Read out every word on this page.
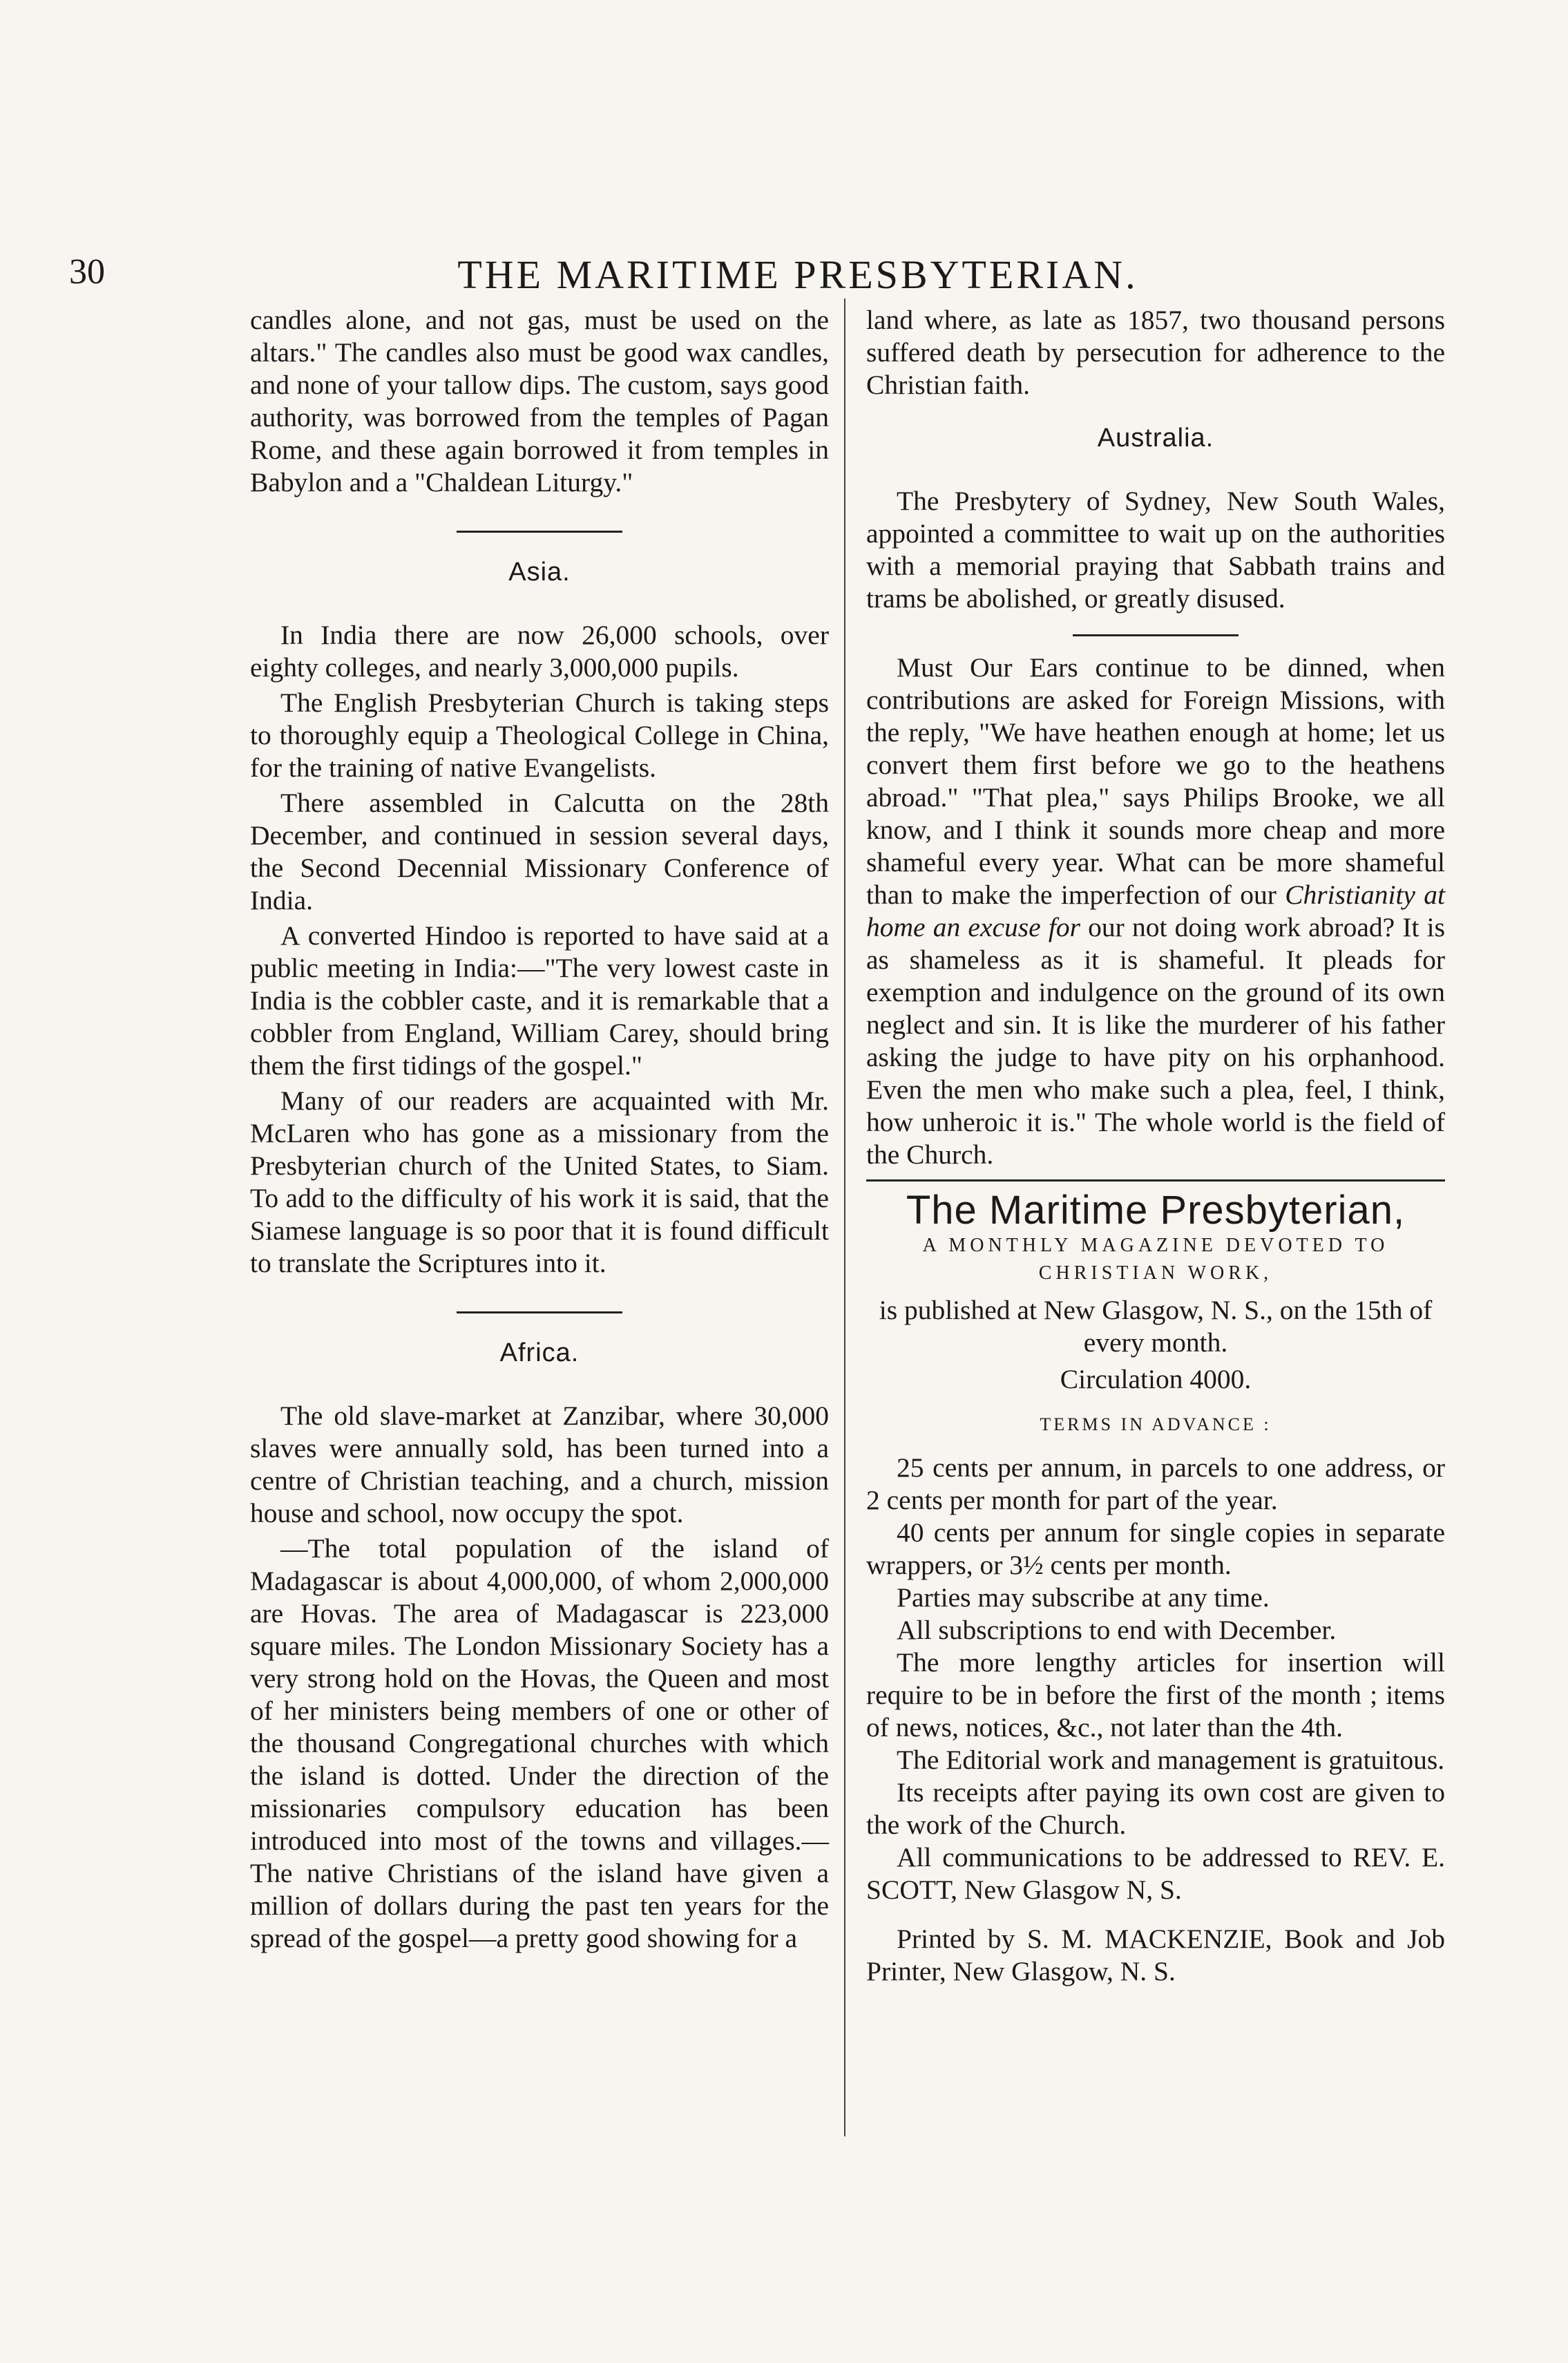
30	THE MARITIME PRESBYTERIAN.

candles alone, and not gas, must be used on the altars." The candles also must be good wax candles, and none of your tallow dips. The custom, says good authority, was borrowed from the temples of Pagan Rome, and these again borrowed it from temples in Babylon and a "Chaldean Liturgy."

Asia.

In India there are now 26,000 schools, over eighty colleges, and nearly 3,000,000 pupils.

The English Presbyterian Church is taking steps to thoroughly equip a Theological College in China, for the training of native Evangelists.

There assembled in Calcutta on the 28th December, and continued in session several days, the Second Decennial Missionary Conference of India.

A converted Hindoo is reported to have said at a public meeting in India:—"The very lowest caste in India is the cobbler caste, and it is remarkable that a cobbler from England, William Carey, should bring them the first tidings of the gospel."

Many of our readers are acquainted with Mr. McLaren who has gone as a missionary from the Presbyterian church of the United States, to Siam. To add to the difficulty of his work it is said, that the Siamese language is so poor that it is found difficult to translate the Scriptures into it.

Africa.

The old slave-market at Zanzibar, where 30,000 slaves were annually sold, has been turned into a centre of Christian teaching, and a church, mission house and school, now occupy the spot.

—The total population of the island of Madagascar is about 4,000,000, of whom 2,000,000 are Hovas. The area of Madagascar is 223,000 square miles. The London Missionary Society has a very strong hold on the Hovas, the Queen and most of her ministers being members of one or other of the thousand Congregational churches with which the island is dotted. Under the direction of the missionaries compulsory education has been introduced into most of the towns and villages.—The native Christians of the island have given a million of dollars during the past ten years for the spread of the gospel—a pretty good showing for a

land where, as late as 1857, two thousand persons suffered death by persecution for adherence to the Christian faith.

Australia.

The Presbytery of Sydney, New South Wales, appointed a committee to wait up on the authorities with a memorial praying that Sabbath trains and trams be abolished, or greatly disused.

Must Our Ears continue to be dinned, when contributions are asked for Foreign Missions, with the reply, "We have heathen enough at home; let us convert them first before we go to the heathens abroad." "That plea," says Philips Brooke, we all know, and I think it sounds more cheap and more shameful every year. What can be more shameful than to make the imperfection of our Christianity at home an excuse for our not doing work abroad? It is as shameless as it is shameful. It pleads for exemption and indulgence on the ground of its own neglect and sin. It is like the murderer of his father asking the judge to have pity on his orphanhood. Even the men who make such a plea, feel, I think, how unheroic it is." The whole world is the field of the Church.

The Maritime Presbyterian,
A MONTHLY MAGAZINE DEVOTED TO CHRISTIAN WORK,

is published at New Glasgow, N. S., on the 15th of every month.

Circulation 4000.

TERMS IN ADVANCE :

25 cents per annum, in parcels to one address, or 2 cents per month for part of the year.

40 cents per annum for single copies in separate wrappers, or 3½ cents per month.

Parties may subscribe at any time.

All subscriptions to end with December.

The more lengthy articles for insertion will require to be in before the first of the month ; items of news, notices, &c., not later than the 4th.

The Editorial work and management is gratuitous.

Its receipts after paying its own cost are given to the work of the Church.

All communications to be addressed to REV. E. SCOTT, New Glasgow N, S.

Printed by S. M. MACKENZIE, Book and Job Printer, New Glasgow, N. S.
